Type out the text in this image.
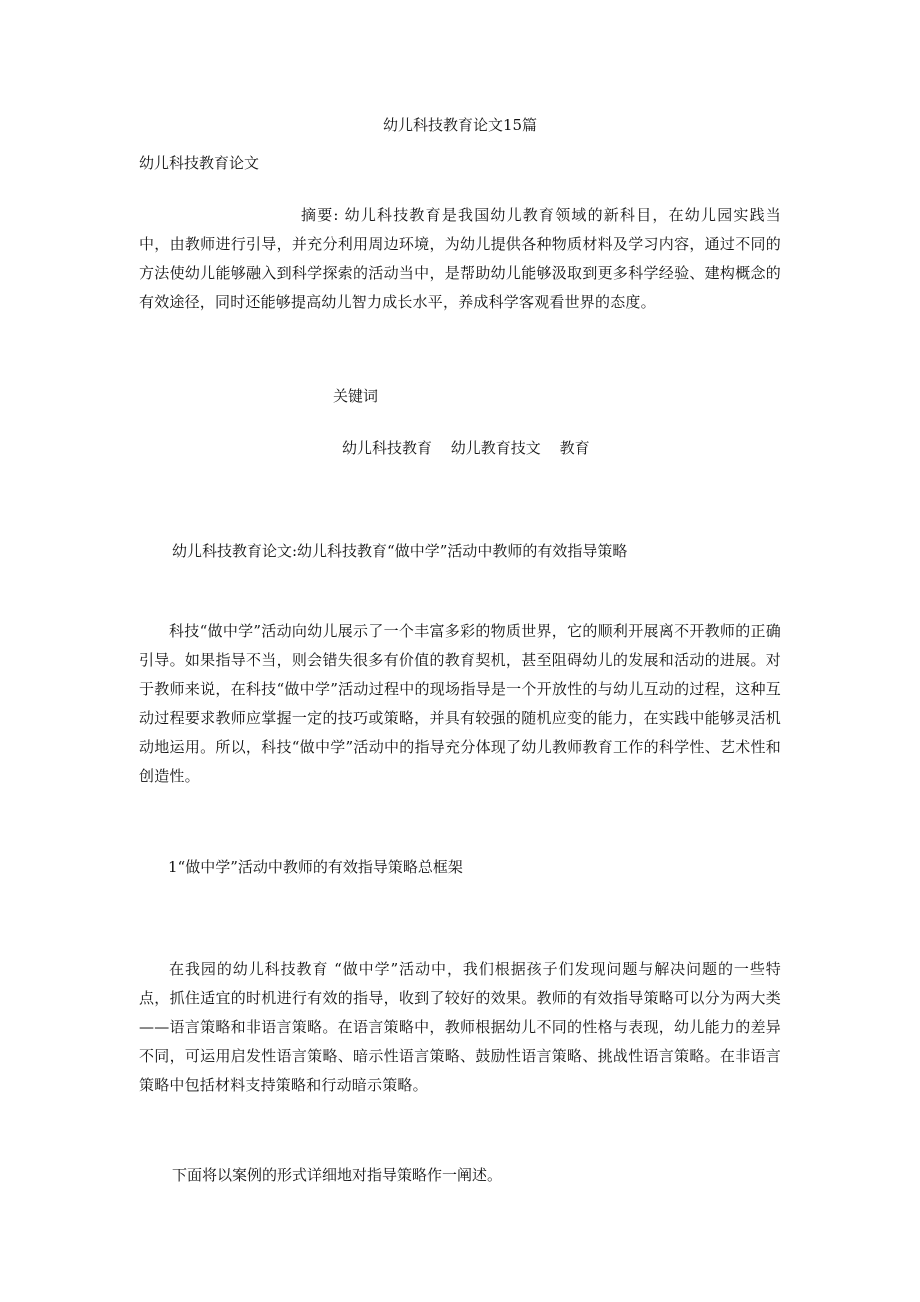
幼儿科技教育论文15篇

幼儿科技教育论文

摘要: 幼儿科技教育是我国幼儿教育领域的新科目，在幼儿园实践当中，由教师进行引导，并充分利用周边环境，为幼儿提供各种物质材料及学习内容，通过不同的方法使幼儿能够融入到科学探索的活动当中，是帮助幼儿能够汲取到更多科学经验、建构概念的有效途径，同时还能够提高幼儿智力成长水平，养成科学客观看世界的态度。

关键词

幼儿科技教育 幼儿教育技文 教育

幼儿科技教育论文:幼儿科技教育“做中学”活动中教师的有效指导策略

科技“做中学”活动向幼儿展示了一个丰富多彩的物质世界，它的顺利开展离不开教师的正确引导。如果指导不当，则会错失很多有价值的教育契机，甚至阻碍幼儿的发展和活动的进展。对于教师来说，在科技“做中学”活动过程中的现场指导是一个开放性的与幼儿互动的过程，这种互动过程要求教师应掌握一定的技巧或策略，并具有较强的随机应变的能力，在实践中能够灵活机动地运用。所以，科技“做中学”活动中的指导充分体现了幼儿教师教育工作的科学性、艺术性和创造性。

1“做中学”活动中教师的有效指导策略总框架

在我园的幼儿科技教育 “做中学”活动中，我们根据孩子们发现问题与解决问题的一些特点，抓住适宜的时机进行有效的指导，收到了较好的效果。教师的有效指导策略可以分为两大类——语言策略和非语言策略。在语言策略中，教师根据幼儿不同的性格与表现，幼儿能力的差异不同，可运用启发性语言策略、暗示性语言策略、鼓励性语言策略、挑战性语言策略。在非语言策略中包括材料支持策略和行动暗示策略。

下面将以案例的形式详细地对指导策略作一阐述。
